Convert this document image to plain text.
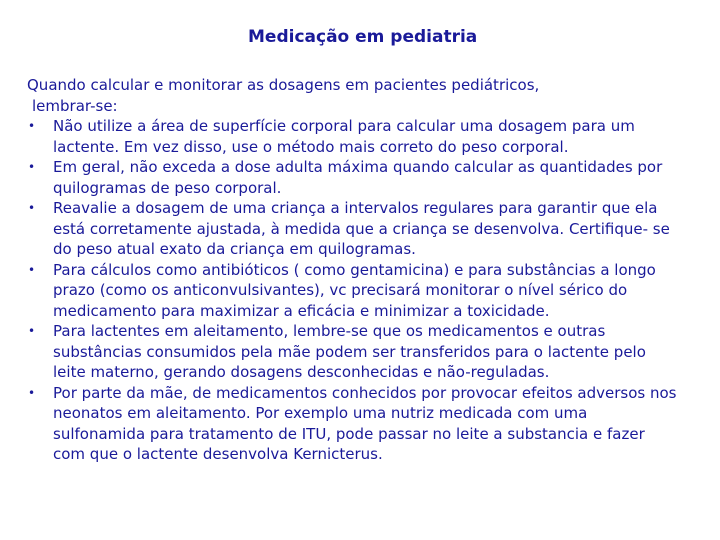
Medicação em pediatria
Quando calcular e monitorar as dosagens em pacientes pediátricos,
lembrar-se:
• Não utilize a área de superfície corporal para calcular uma dosagem para um lactente. Em vez disso, use o método mais correto do peso corporal.
• Em geral, não exceda a dose adulta máxima quando calcular as quantidades por quilogramas de peso corporal.
• Reavalie a dosagem de uma criança a intervalos regulares para garantir que ela está corretamente ajustada, à medida que a criança se desenvolva. Certifique- se do peso atual exato da criança em quilogramas.
• Para cálculos como antibióticos ( como gentamicina) e para substâncias a longo prazo (como os anticonvulsivantes), vc precisará monitorar o nível sérico do medicamento para maximizar a eficácia e minimizar a toxicidade.
• Para lactentes em aleitamento, lembre-se que os medicamentos e outras substâncias consumidos pela mãe podem ser transferidos para o lactente pelo leite materno, gerando dosagens desconhecidas e não-reguladas.
• Por parte da mãe, de medicamentos conhecidos por provocar efeitos adversos nos neonatos em aleitamento. Por exemplo uma nutriz medicada com uma sulfonamida para tratamento de ITU, pode passar no leite a substancia e fazer com que o lactente desenvolva Kernicterus.
